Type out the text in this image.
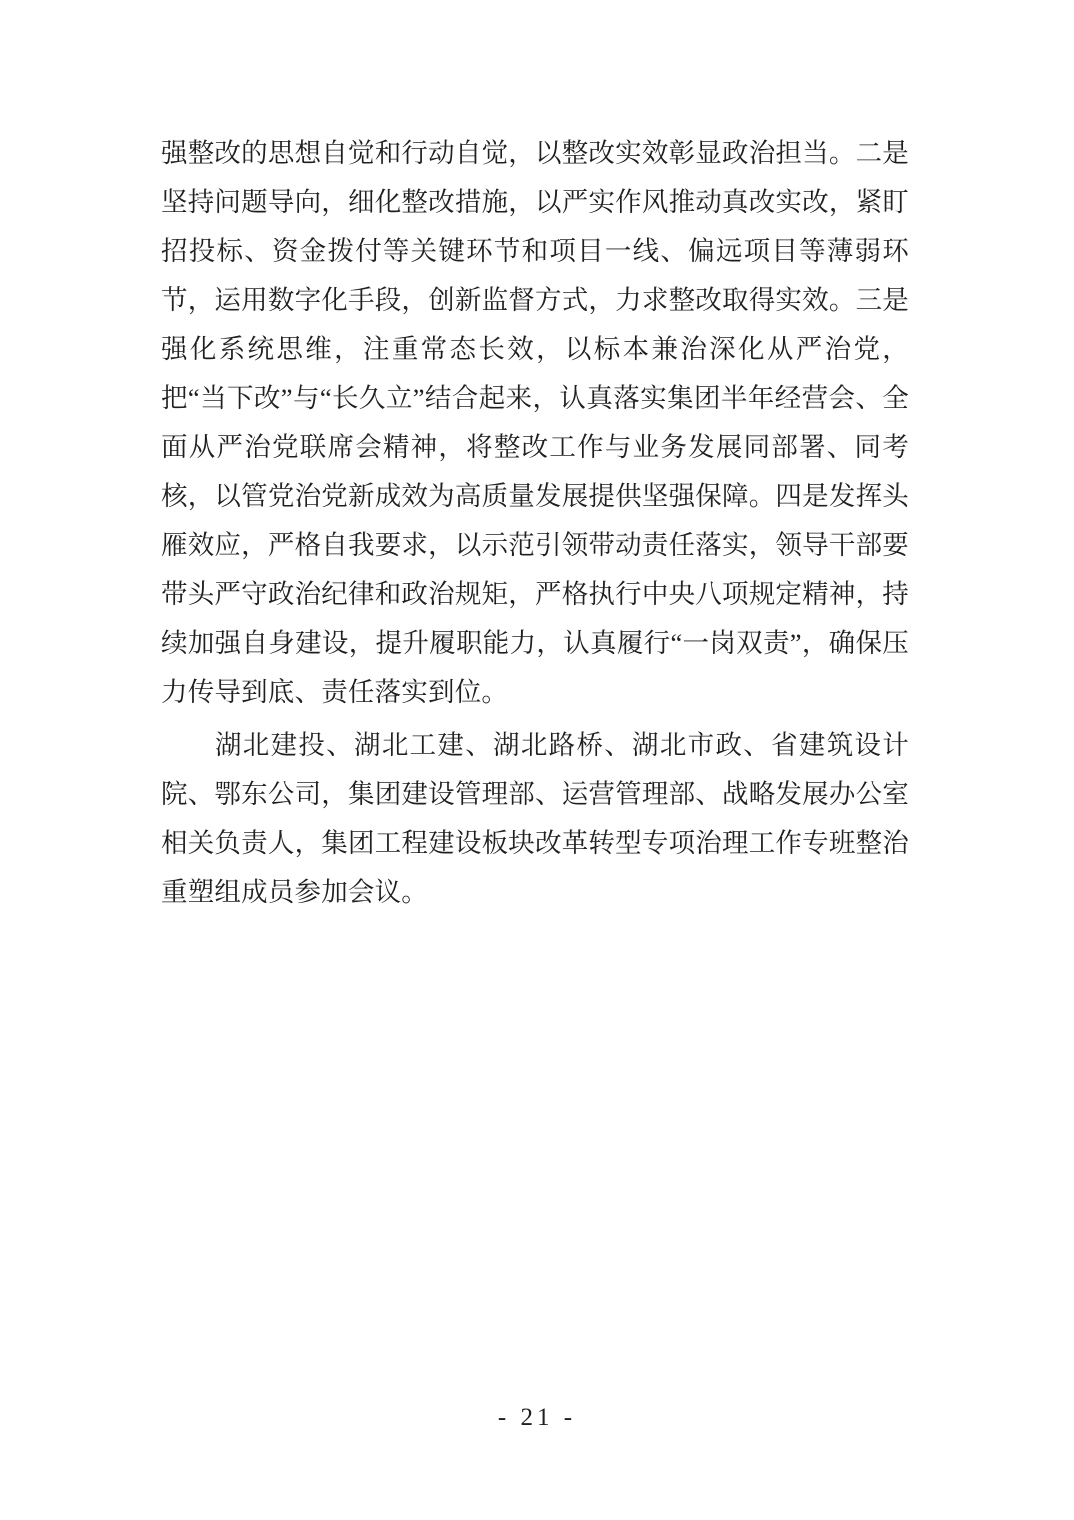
强整改的思想自觉和行动自觉，以整改实效彰显政治担当。二是坚持问题导向，细化整改措施，以严实作风推动真改实改，紧盯招投标、资金拨付等关键环节和项目一线、偏远项目等薄弱环节，运用数字化手段，创新监督方式，力求整改取得实效。三是强化系统思维，注重常态长效，以标本兼治深化从严治党，把“当下改”与“长久立”结合起来，认真落实集团半年经营会、全面从严治党联席会精神，将整改工作与业务发展同部署、同考核，以管党治党新成效为高质量发展提供坚强保障。四是发挥头雁效应，严格自我要求，以示范引领带动责任落实，领导干部要带头严守政治纪律和政治规矩，严格执行中央八项规定精神，持续加强自身建设，提升履职能力，认真履行“一岗双责”，确保压力传导到底、责任落实到位。

湖北建投、湖北工建、湖北路桥、湖北市政、省建筑设计院、鄂东公司，集团建设管理部、运营管理部、战略发展办公室相关负责人，集团工程建设板块改革转型专项治理工作专班整治重塑组成员参加会议。

- 21 -
